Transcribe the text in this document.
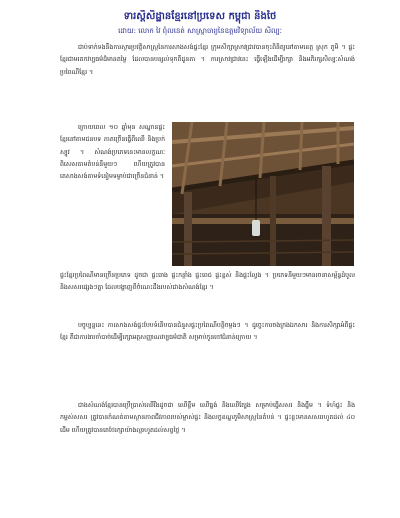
ទារស្តិសិដ្ឋានខ្មែរនៅប្រទេស កម្ពុជា និងថៃ
ដោយ: លោក វៃ ពុំលនេត់ សាស្ត្រាចារ្យនៃឧត្តមវិទ្យាល័យ សិល្បៈ

ជាប់ទាក់ទងនឹងការស្ដារប្រវត្តិសាស្ត្រនៃការសាងសង់ផ្ទះខ្មែរ ក្រុមសិក្សាស្រាវជ្រាវបានចុះពិនិត្យនៅតាមខេត្ត ស្រុក ភូមិ ។ ផ្ទះខ្មែរជាមរតកវប្បធម៌ដ៏មានតម្លៃ ដែលបានបន្សល់ទុកពីដូនតា ។ ការស្រាវជ្រាវនេះ ធ្វើឡើងដើម្បីរក្សា និងអភិរក្សសិល្បៈសំណង់ប្រពៃណីខ្មែរ ។

ក្រោយពេល ១០ ឆ្នាំមុន សណ្ឋានផ្ទះខ្មែរនៅតាមជនបទ ភាគច្រើនធ្វើពីឈើ និងប្រក់ស្បូវ ។ សំណង់ប្រភេទនេះមានលក្ខណៈពិសេសតាមតំបន់នីមួយៗ ហើយត្រូវបានគេសាងសង់តាមទំនៀមទម្លាប់ជាច្រើនជំនាន់ ។

ផ្ទះខ្មែរប្រពៃណីមានច្រើនប្រភេទ ដូចជា ផ្ទះរោង ផ្ទះកន្តាំង ផ្ទះពេជ ផ្ទះខ្ពស់ និងផ្ទះល្វែង ។ ប្រភេទនីមួយៗមានរចនាសម្ព័ន្ធដំបូល និងសសរផ្សេងៗគ្នា ដែលបង្ហាញពីចំណេះដឹងរបស់ជាងសំណង់ខ្មែរ ។

បច្ចុប្បន្ននេះ ការសាងសង់ផ្ទះបែបទំនើបបានជំនួសផ្ទះប្រពៃណីបន្តិចម្តងៗ ។ ដូច្នេះការចងក្រងឯកសារ និងការសិក្សាអំពីផ្ទះខ្មែរ គឺជាការងារចាំបាច់ដើម្បីរក្សាអត្តសញ្ញាណវប្បធម៌ជាតិ សម្រាប់កូនចៅជំនាន់ក្រោយ ។

ជាងសំណង់ខ្មែរបានប្រើប្រាស់ឈើរឹងដូចជា ឈើខ្លឹម ឈើធ្នង់ និងឈើត្បែង សម្រាប់ធ្វើសសរ និងធ្នឹម ។ ទំហំផ្ទះ និងកម្ពស់សសរ ត្រូវបានកំណត់តាមស្ថានភាពជីវភាពរបស់ម្ចាស់ផ្ទះ និងលក្ខខណ្ឌភូមិសាស្ត្រនៃតំបន់ ។ ផ្ទះខ្លះមានសសររហូតដល់ ៤០ ដើម ហើយត្រូវបានគេថែរក្សាយ៉ាងល្អរហូតដល់សព្វថ្ងៃ ។
